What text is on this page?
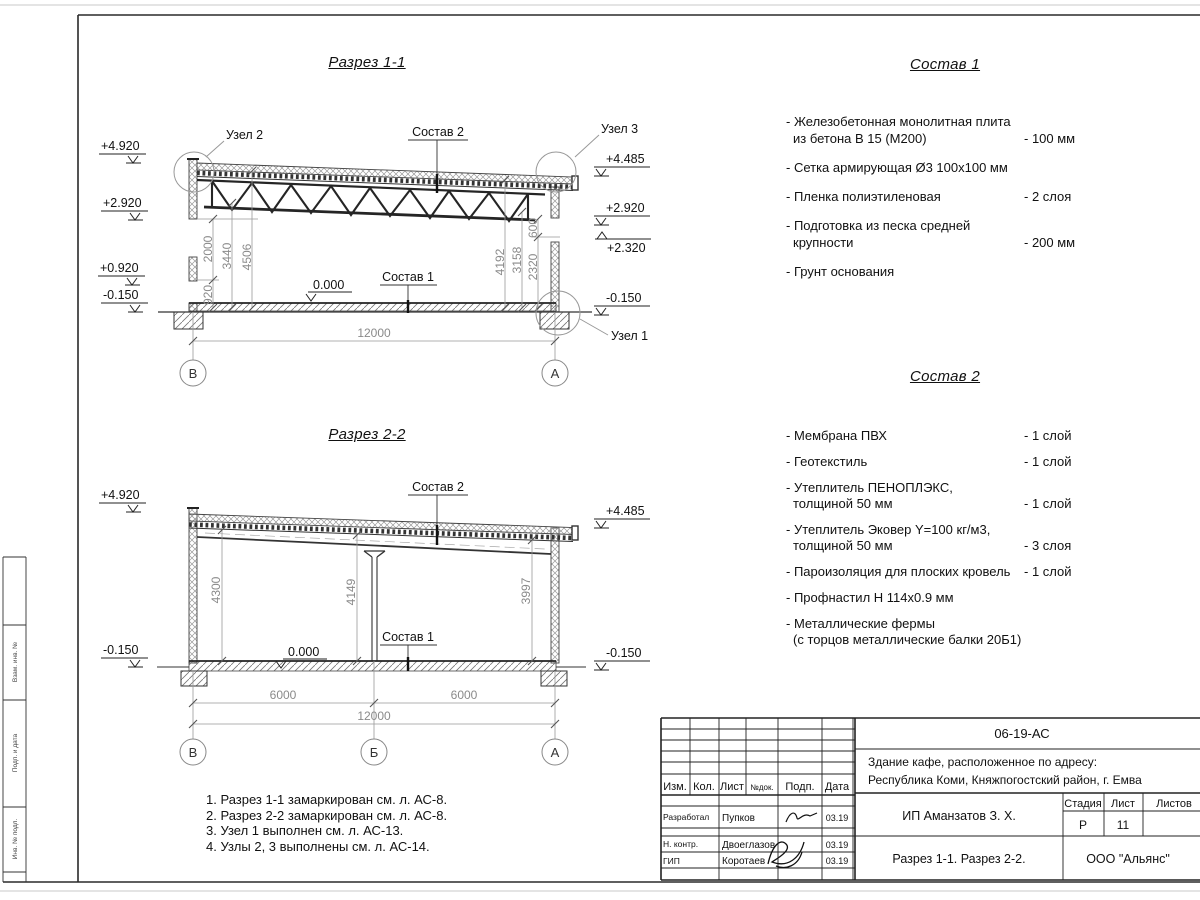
Взам. инв. №
Подп. и дата
Инв. № подл.
920
2000 3440 4506	4192 3158 2320
600
12000
+4.920
+2.920
+0.920
-0.150
+4.485
+2.920
+2.320
-0.150
0.000
Узел 2	Узел 3
Узел 1
Состав 2
Состав 1
В	А
4300	4149	3997
6000	6000
12000
+4.920
-0.150
+4.485
-0.150
0.000
Состав 2
Состав 1
В	Б	А
Изм. Кол. Лист №док. Подп. Дата
Разработал Пупков	03.19
Н. контр. Двоеглазов	03.19
ГИП	Коротаев	03.19
06-19-АС
Здание кафе, расположенное по адресу:
Республика Коми, Княжпогостский район, г. Емва
ИП Аманзатов З. Х.
Разрез 1-1. Разрез 2-2.
Стадия Лист Листов
Р 11
ООО "Альянс"
Разрез 1-1
Разрез 2-2
Состав 1
Состав 2
- Железобетонная монолитная плита
из бетона В 15 (М200)	- 100 мм
- Сетка армирующая Ø3 100х100 мм
- Пленка полиэтиленовая	- 2 слоя
- Подготовка из песка средней
крупности	- 200 мм
- Грунт основания
- Мембрана ПВХ	- 1 слой
- Геотекстиль	- 1 слой
- Утеплитель ПЕНОПЛЭКС,
толщиной 50 мм	- 1 слой
- Утеплитель Эковер Y=100 кг/м3,
толщиной 50 мм	- 3 слоя
- Пароизоляция для плоских кровель	- 1 слой
- Профнастил Н 114х0.9 мм
- Металлические фермы
(с торцов металлические балки 20Б1)
1. Разрез 1-1 замаркирован см. л. АС-8.
2. Разрез 2-2 замаркирован см. л. АС-8.
3. Узел 1 выполнен см. л. АС-13.
4. Узлы 2, 3 выполнены см. л. АС-14.
